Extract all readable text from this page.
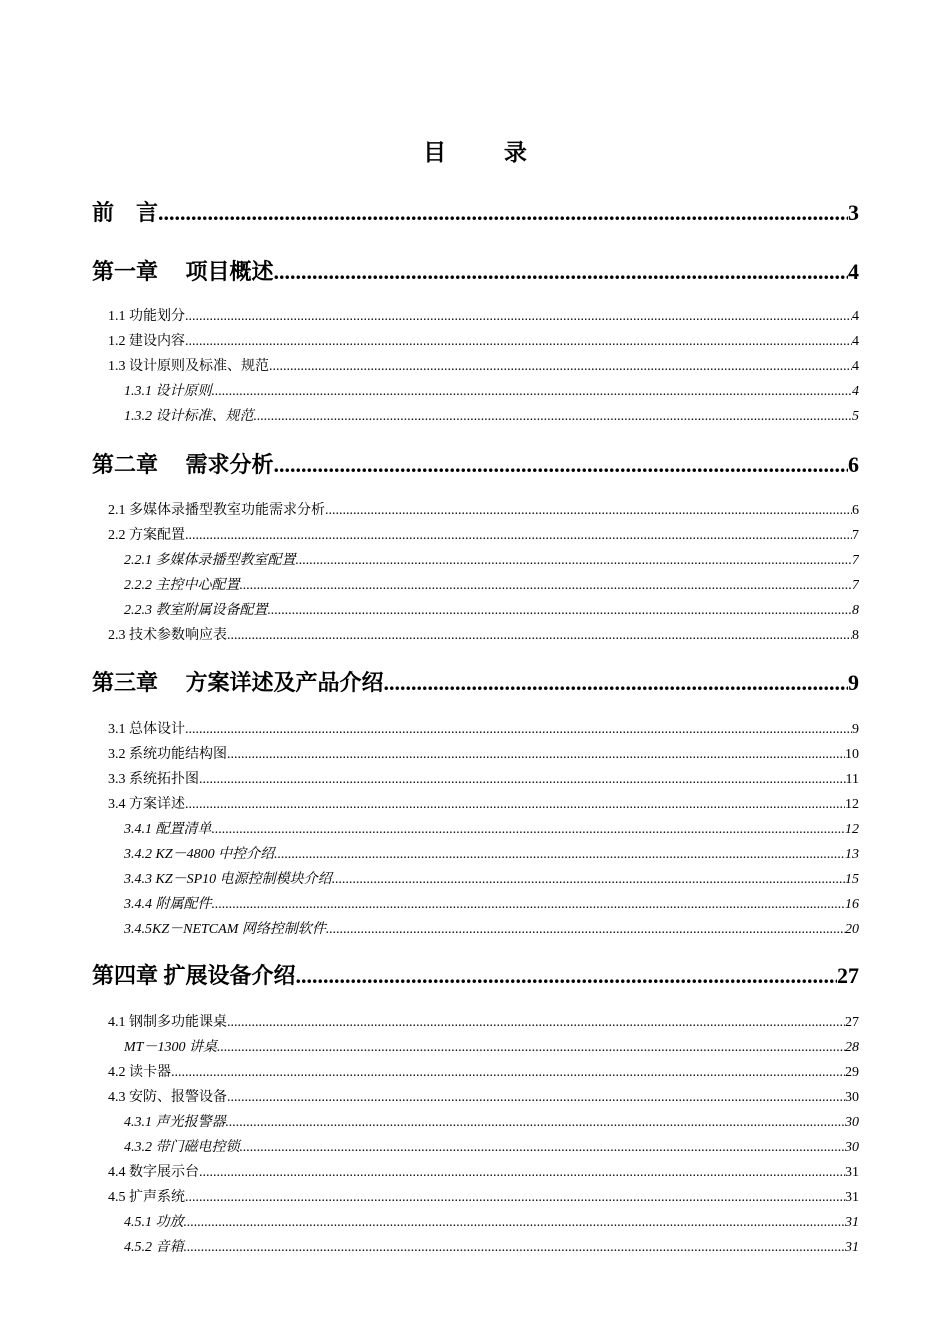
目	录
前　言 .....	3
第一章　 项目概述 .....	4
1.1 功能划分 .....	4
1.2 建设内容 .....	4
1.3 设计原则及标准、规范 .....	4
1.3.1 设计原则 .....	4
1.3.2 设计标准、规范 .....	5
第二章　 需求分析 .....	6
2.1 多媒体录播型教室功能需求分析 .....	6
2.2 方案配置 .....	7
2.2.1 多媒体录播型教室配置 .....	7
2.2.2 主控中心配置 .....	7
2.2.3 教室附属设备配置 .....	8
2.3 技术参数响应表 .....	8
第三章　 方案详述及产品介绍 .....	9
3.1 总体设计 .....	9
3.2 系统功能结构图 .....	10
3.3 系统拓扑图 .....	11
3.4 方案详述 .....	12
3.4.1 配置清单 .....	12
3.4.2 KZ－4800 中控介绍 .....	13
3.4.3 KZ－SP10 电源控制模块介绍 .....	15
3.4.4 附属配件 .....	16
3.4.5KZ－NETCAM 网络控制软件 .....	20
第四章 扩展设备介绍 .....	27
4.1 钢制多功能课桌 .....	27
MT－1300 讲桌 .....	28
4.2 读卡器 .....	29
4.3 安防、报警设备 .....	30
4.3.1 声光报警器 .....	30
4.3.2 带门磁电控锁 .....	30
4.4 数字展示台 .....	31
4.5 扩声系统 .....	31
4.5.1 功放 .....	31
4.5.2 音箱 .....	31
